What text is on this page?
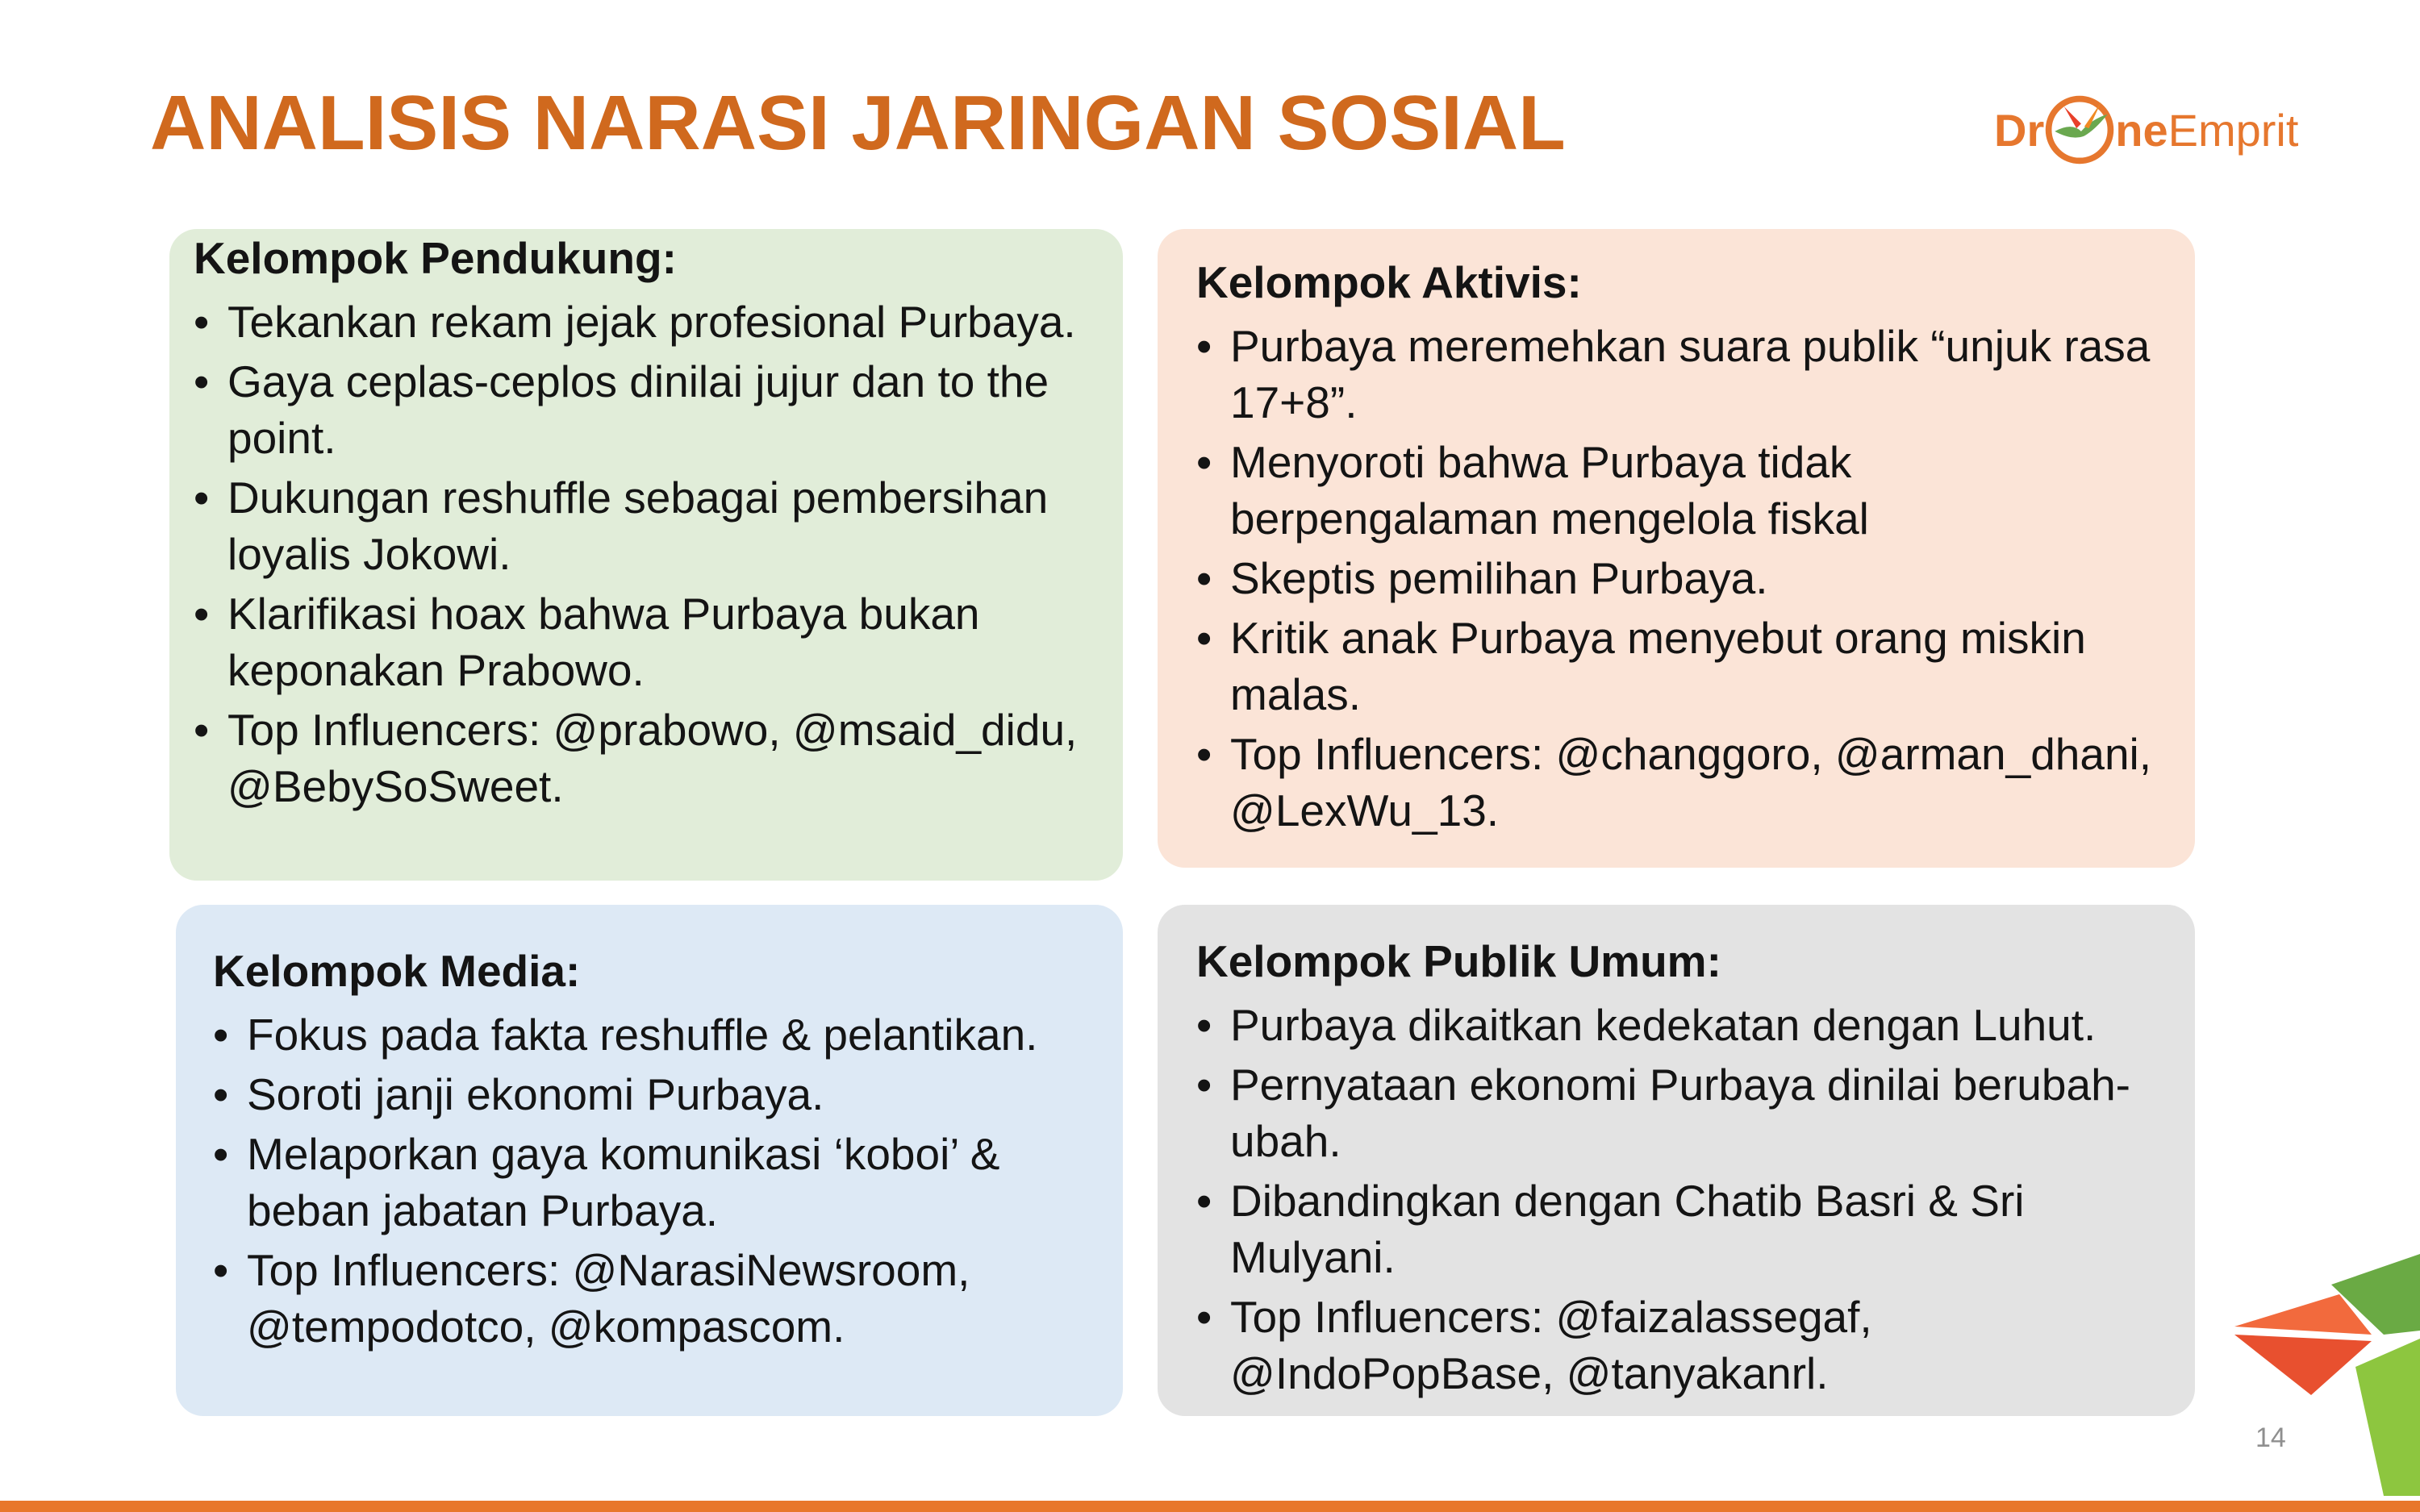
ANALISIS NARASI JARINGAN SOSIAL	Dr ne Emprit
Kelompok Pendukung:
• Tekankan rekam jejak profesional Purbaya.
• Gaya ceplas-ceplos dinilai jujur dan to the point.
• Dukungan reshuffle sebagai pembersihan loyalis Jokowi.
• Klarifikasi hoax bahwa Purbaya bukan keponakan Prabowo.
• Top Influencers: @prabowo, @msaid_didu, @BebySoSweet.
Kelompok Aktivis:
• Purbaya meremehkan suara publik “unjuk rasa 17+8”.
• Menyoroti bahwa Purbaya tidak berpengalaman mengelola fiskal
• Skeptis pemilihan Purbaya.
• Kritik anak Purbaya menyebut orang miskin malas.
• Top Influencers: @changgoro, @arman_dhani, @LexWu_13.
Kelompok Media:
• Fokus pada fakta reshuffle & pelantikan.
• Soroti janji ekonomi Purbaya.
• Melaporkan gaya komunikasi ‘koboi’ & beban jabatan Purbaya.
• Top Influencers: @NarasiNewsroom, @tempodotco, @kompascom.
Kelompok Publik Umum:
• Purbaya dikaitkan kedekatan dengan Luhut.
• Pernyataan ekonomi Purbaya dinilai berubah-ubah.
• Dibandingkan dengan Chatib Basri & Sri Mulyani.
• Top Influencers: @faizalassegaf, @IndoPopBase, @tanyakanrl.
14
